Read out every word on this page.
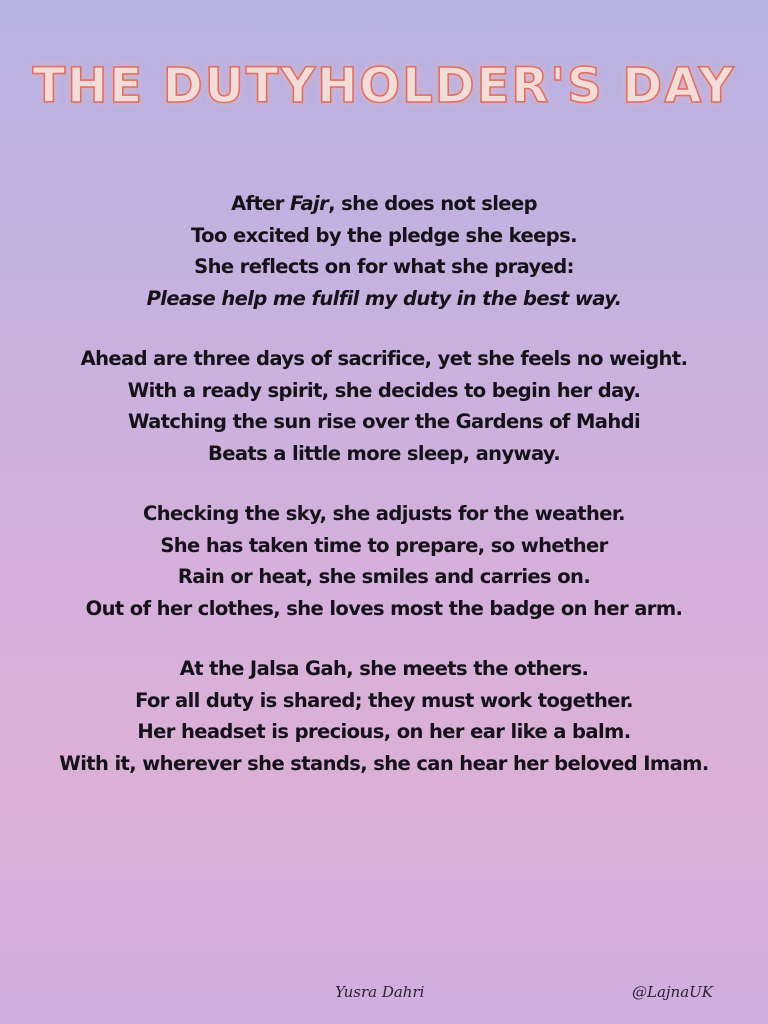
THE DUTYHOLDER'S DAY
After Fajr, she does not sleep
Too excited by the pledge she keeps.
She reflects on for what she prayed:
Please help me fulfil my duty in the best way.
Ahead are three days of sacrifice, yet she feels no weight.
With a ready spirit, she decides to begin her day.
Watching the sun rise over the Gardens of Mahdi
Beats a little more sleep, anyway.
Checking the sky, she adjusts for the weather.
She has taken time to prepare, so whether
Rain or heat, she smiles and carries on.
Out of her clothes, she loves most the badge on her arm.
At the Jalsa Gah, she meets the others.
For all duty is shared; they must work together.
Her headset is precious, on her ear like a balm.
With it, wherever she stands, she can hear her beloved Imam.
Yusra Dahri	@LajnaUK
